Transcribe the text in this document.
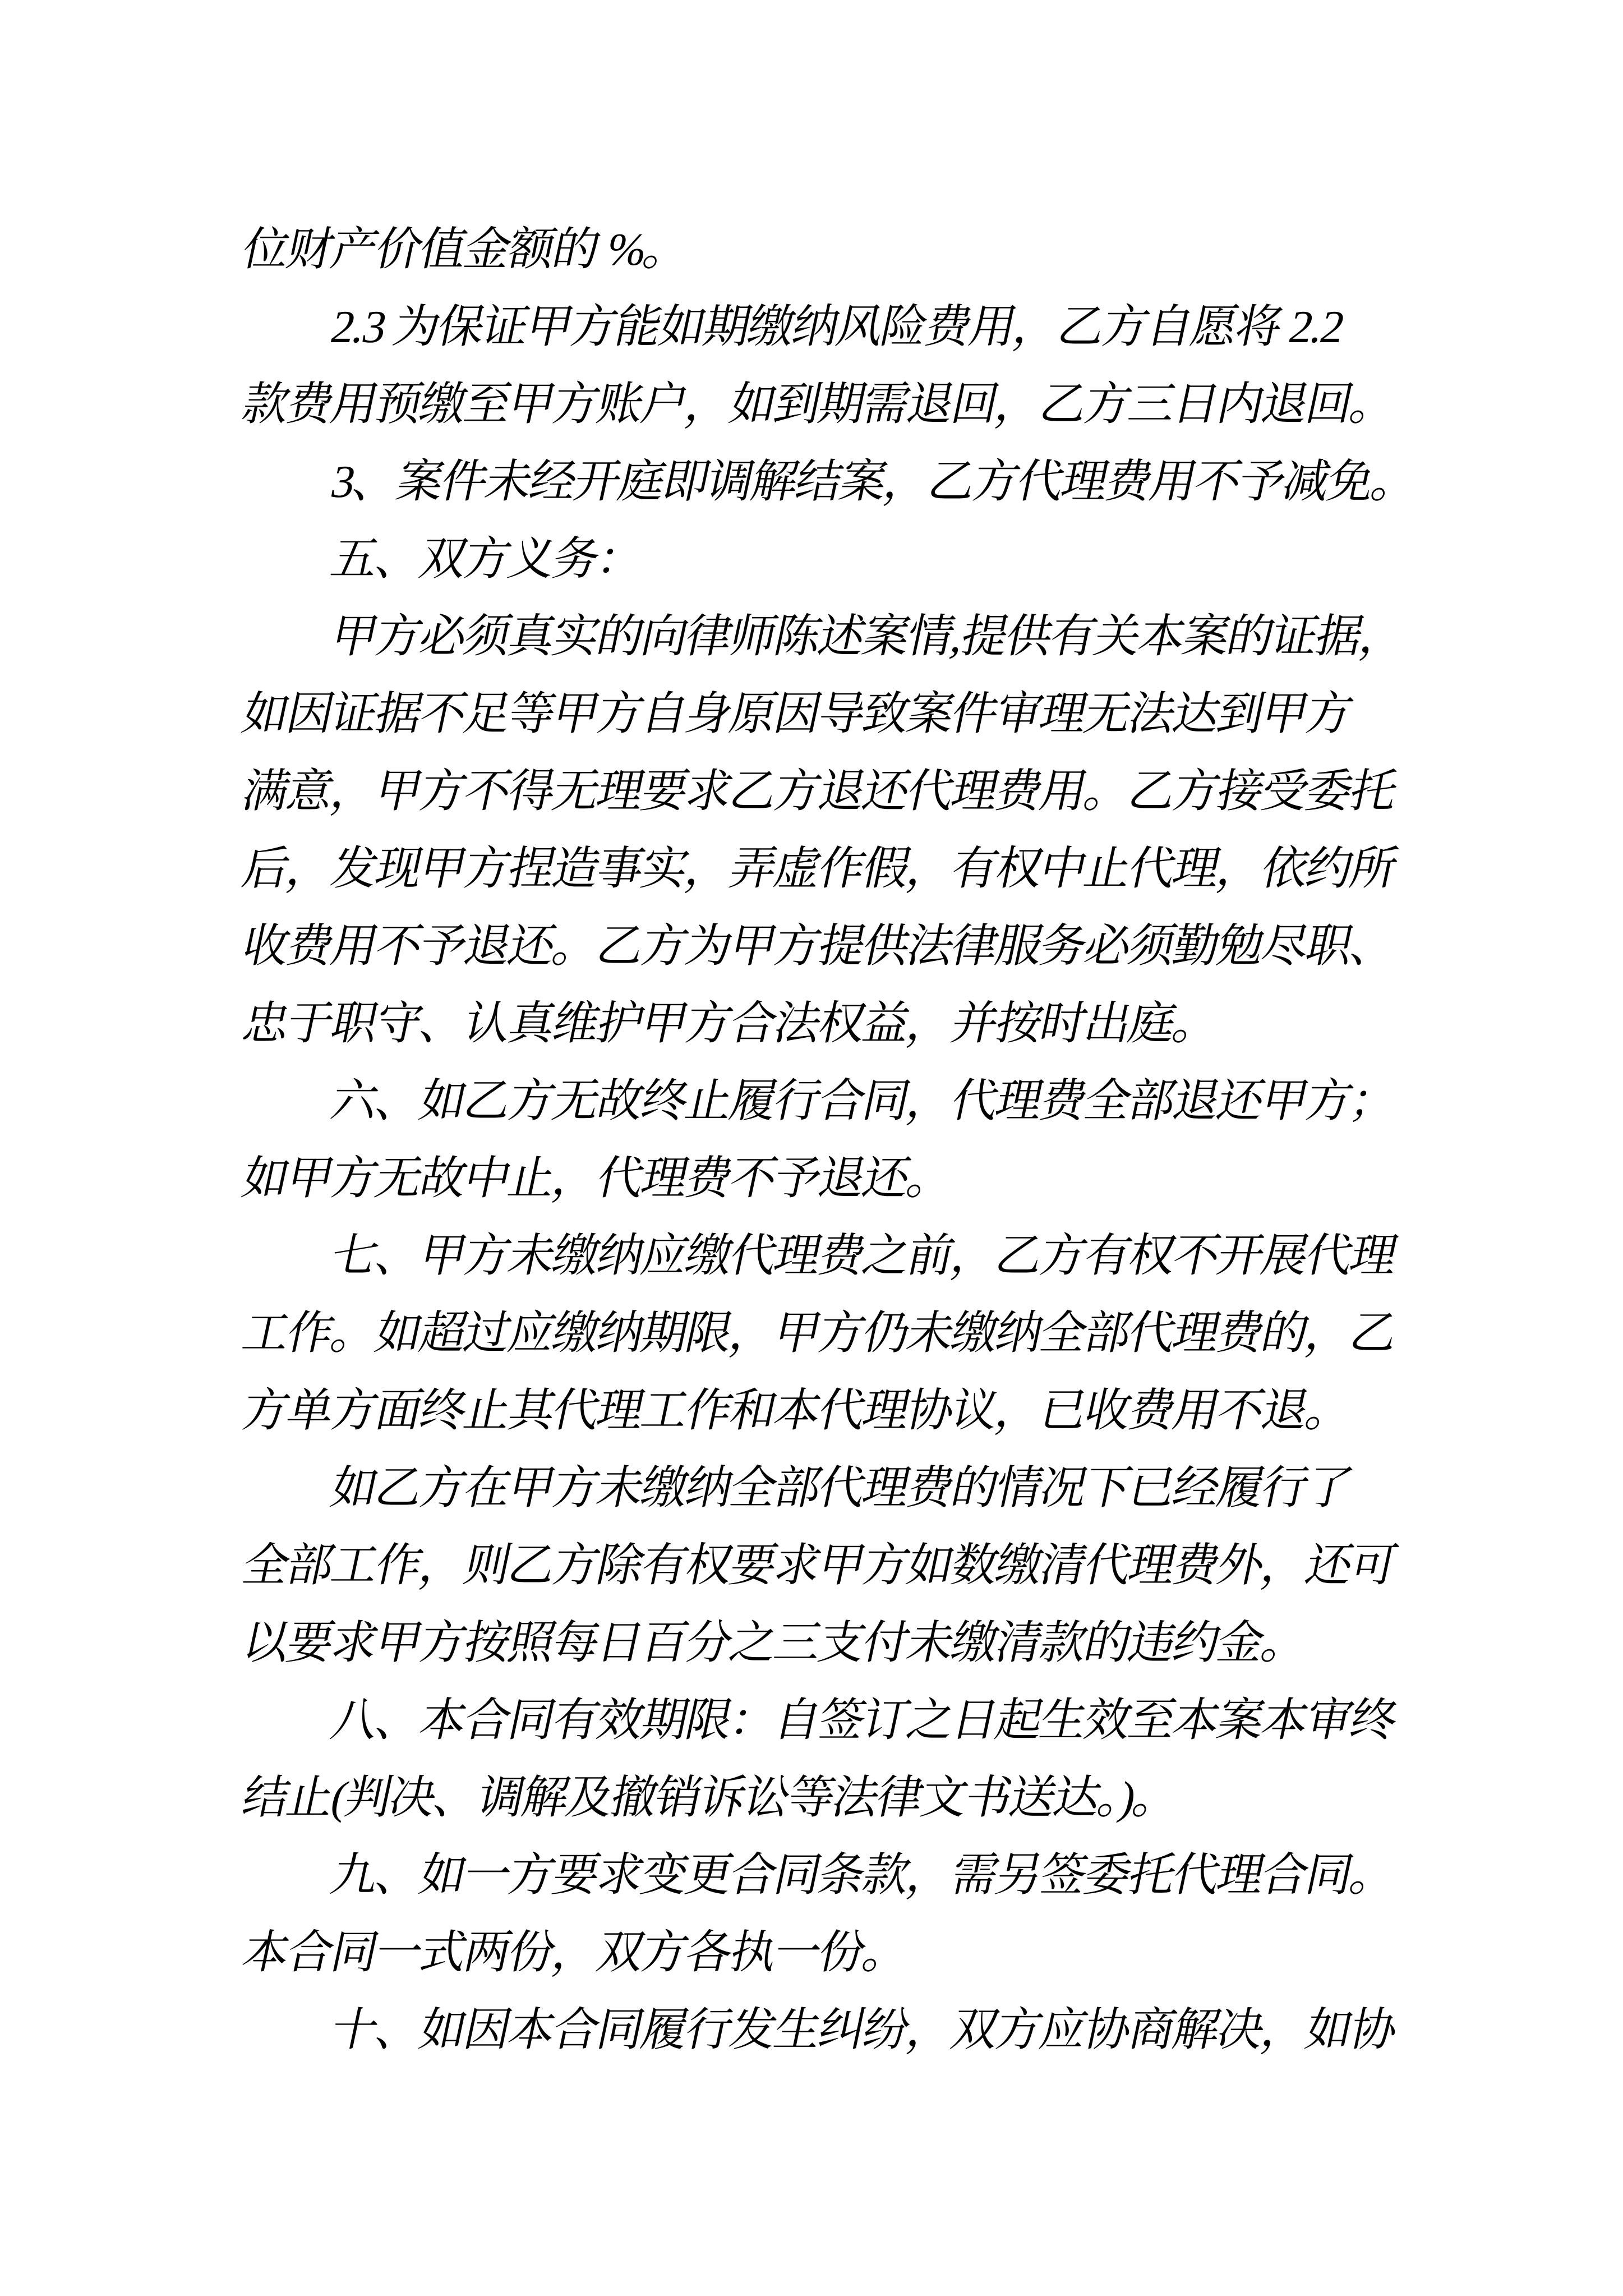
位财产价值金额的 %。
　　2.3 为保证甲方能如期缴纳风险费用，乙方自愿将 2.2
款费用预缴至甲方账户，如到期需退回，乙方三日内退回。
　　3、案件未经开庭即调解结案，乙方代理费用不予减免。
　　五、双方义务：
　　甲方必须真实的向律师陈述案情,提供有关本案的证据，
如因证据不足等甲方自身原因导致案件审理无法达到甲方
满意，甲方不得无理要求乙方退还代理费用。乙方接受委托
后，发现甲方捏造事实，弄虚作假，有权中止代理，依约所
收费用不予退还。乙方为甲方提供法律服务必须勤勉尽职、
忠于职守、认真维护甲方合法权益，并按时出庭。
　　六、如乙方无故终止履行合同，代理费全部退还甲方；
如甲方无故中止，代理费不予退还。
　　七、甲方未缴纳应缴代理费之前，乙方有权不开展代理
工作。如超过应缴纳期限，甲方仍未缴纳全部代理费的，乙
方单方面终止其代理工作和本代理协议，已收费用不退。
　　如乙方在甲方未缴纳全部代理费的情况下已经履行了
全部工作，则乙方除有权要求甲方如数缴清代理费外，还可
以要求甲方按照每日百分之三支付未缴清款的违约金。
　　八、本合同有效期限：自签订之日起生效至本案本审终
结止(判决、调解及撤销诉讼等法律文书送达。)。
　　九、如一方要求变更合同条款，需另签委托代理合同。
本合同一式两份，双方各执一份。
　　十、如因本合同履行发生纠纷，双方应协商解决，如协
